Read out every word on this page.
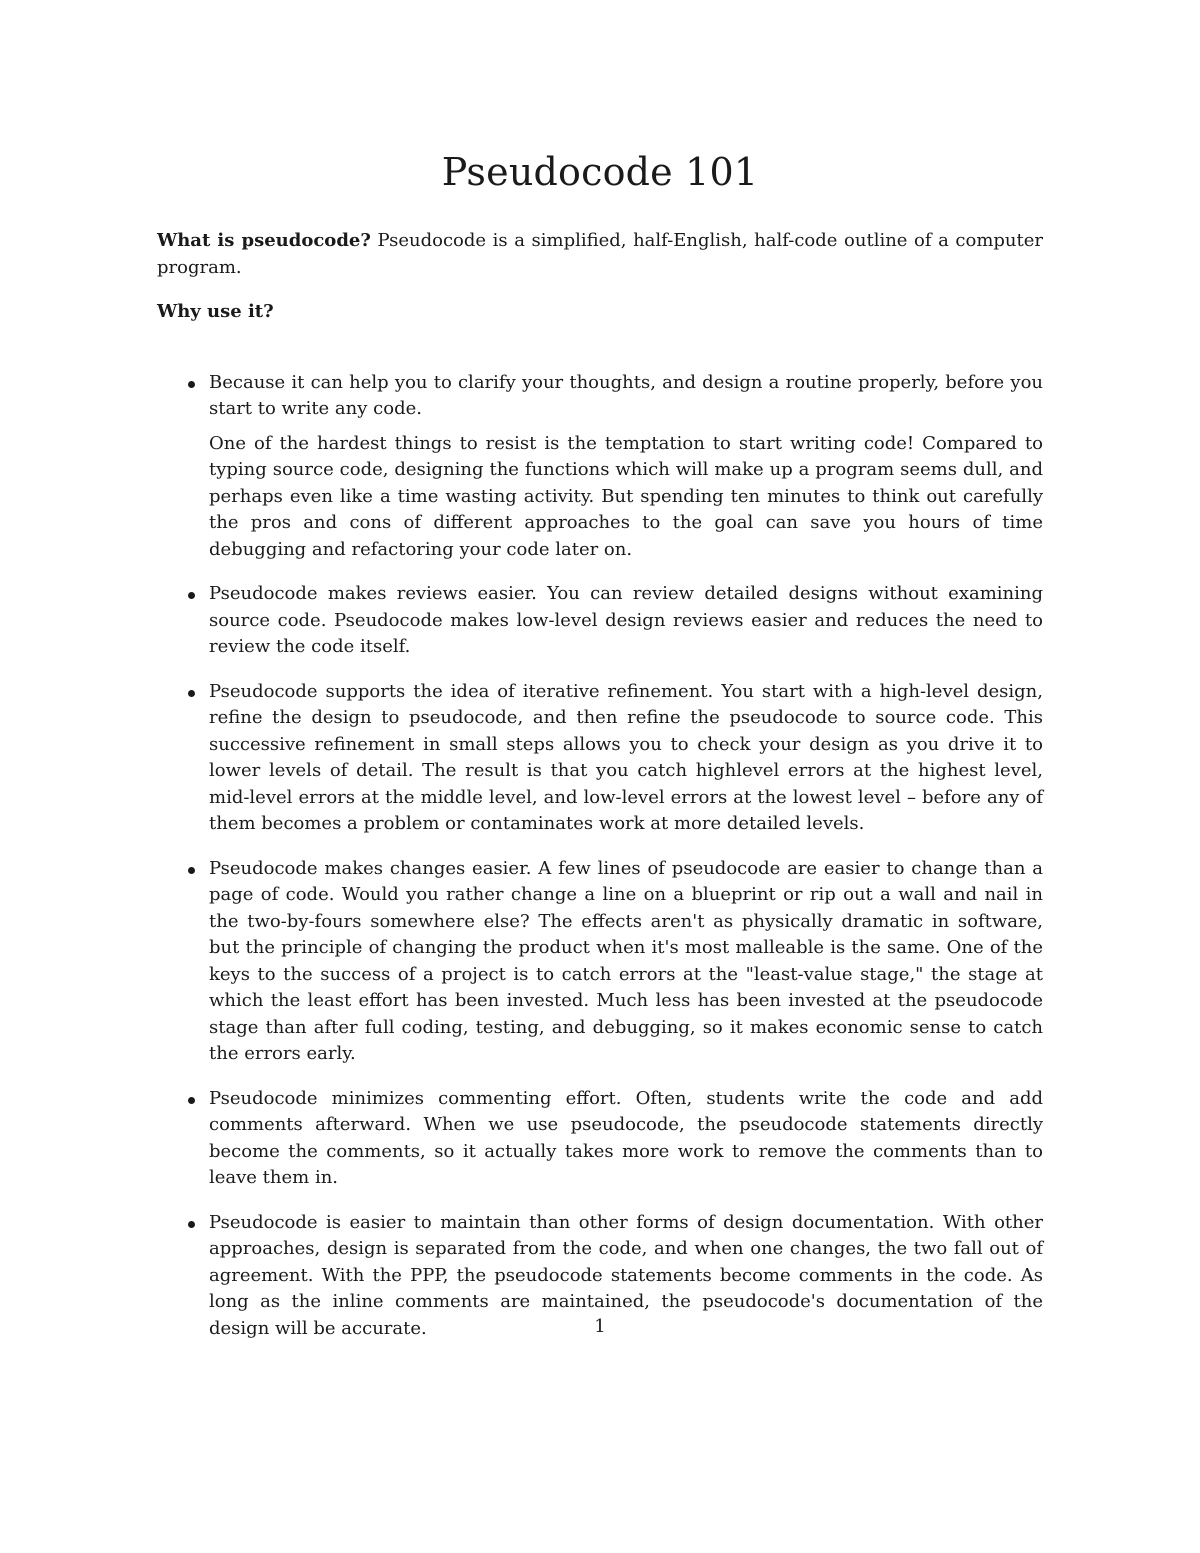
Pseudocode 101

What is pseudocode? Pseudocode is a simplified, half-English, half-code outline of a computer program.

Why use it?

Because it can help you to clarify your thoughts, and design a routine properly, before you start to write any code.

One of the hardest things to resist is the temptation to start writing code! Compared to typing source code, designing the functions which will make up a program seems dull, and perhaps even like a time wasting activity. But spending ten minutes to think out carefully the pros and cons of different approaches to the goal can save you hours of time debugging and refactoring your code later on.

Pseudocode makes reviews easier. You can review detailed designs without examining source code. Pseudocode makes low-level design reviews easier and reduces the need to review the code itself.

Pseudocode supports the idea of iterative refinement. You start with a high-level design, refine the design to pseudocode, and then refine the pseudocode to source code. This successive refinement in small steps allows you to check your design as you drive it to lower levels of detail. The result is that you catch highlevel errors at the highest level, mid-level errors at the middle level, and low-level errors at the lowest level – before any of them becomes a problem or contaminates work at more detailed levels.

Pseudocode makes changes easier. A few lines of pseudocode are easier to change than a page of code. Would you rather change a line on a blueprint or rip out a wall and nail in the two-by-fours somewhere else? The effects aren't as physically dramatic in software, but the principle of changing the product when it's most malleable is the same. One of the keys to the success of a project is to catch errors at the "least-value stage," the stage at which the least effort has been invested. Much less has been invested at the pseudocode stage than after full coding, testing, and debugging, so it makes economic sense to catch the errors early.

Pseudocode minimizes commenting effort. Often, students write the code and add comments afterward. When we use pseudocode, the pseudocode statements directly become the comments, so it actually takes more work to remove the comments than to leave them in.

Pseudocode is easier to maintain than other forms of design documentation. With other approaches, design is separated from the code, and when one changes, the two fall out of agreement. With the PPP, the pseudocode statements become comments in the code. As long as the inline comments are maintained, the pseudocode's documentation of the design will be accurate.	1
